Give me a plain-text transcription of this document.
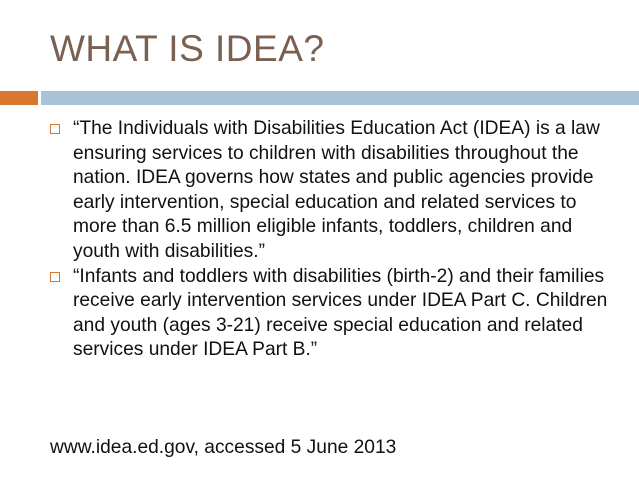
WHAT IS IDEA?
“The Individuals with Disabilities Education Act (IDEA) is a law ensuring services to children with disabilities throughout the nation. IDEA governs how states and public agencies provide early intervention, special education and related services to more than 6.5 million eligible infants, toddlers, children and youth with disabilities.”
“Infants and toddlers with disabilities (birth-2) and their families receive early intervention services under IDEA Part C. Children and youth (ages 3-21) receive special education and related services under IDEA Part B.”
www.idea.ed.gov, accessed 5 June 2013
